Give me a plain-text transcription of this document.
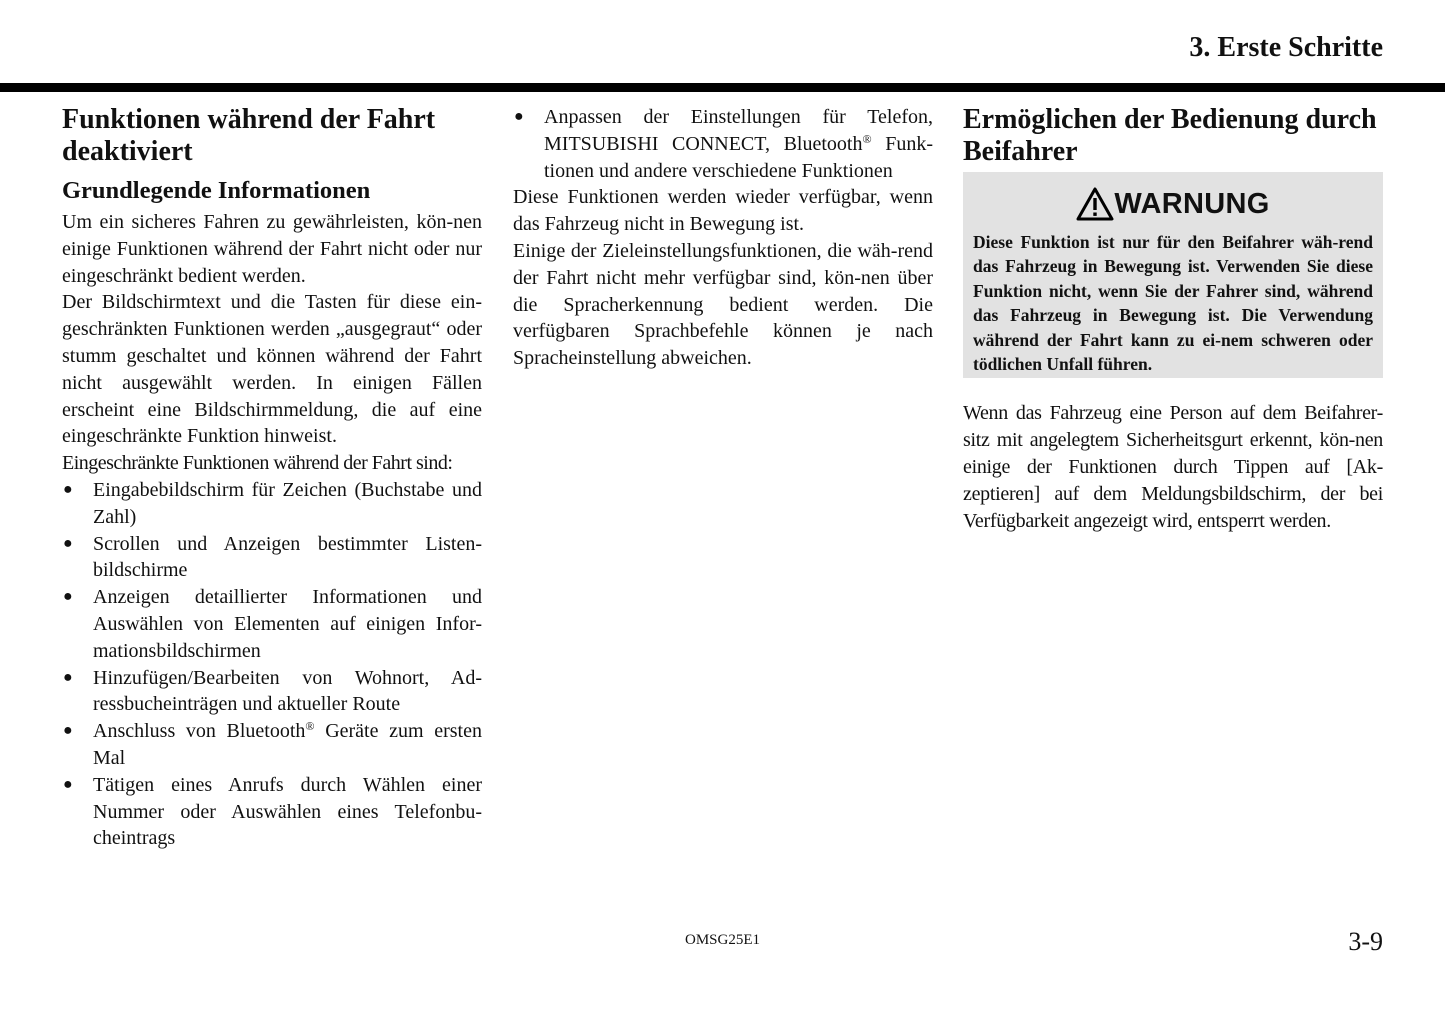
3. Erste Schritte
Funktionen während der Fahrt deaktiviert
Grundlegende Informationen

Um ein sicheres Fahren zu gewährleisten, kön-nen einige Funktionen während der Fahrt nicht oder nur eingeschränkt bedient werden.

Der Bildschirmtext und die Tasten für diese ein-geschränkten Funktionen werden „ausgegraut“ oder stumm geschaltet und können während der Fahrt nicht ausgewählt werden. In einigen Fällen erscheint eine Bildschirmmeldung, die auf eine eingeschränkte Funktion hinweist.

Eingeschränkte Funktionen während der Fahrt sind:

● Eingabebildschirm für Zeichen (Buchstabe und Zahl)
● Scrollen und Anzeigen bestimmter Listen-bildschirme
● Anzeigen detaillierter Informationen und Auswählen von Elementen auf einigen Infor-mationsbildschirmen
● Hinzufügen/Bearbeiten von Wohnort, Ad-ressbucheinträgen und aktueller Route
● Anschluss von Bluetooth® Geräte zum ersten Mal
● Tätigen eines Anrufs durch Wählen einer Nummer oder Auswählen eines Telefonbu-cheintrags
● Anpassen der Einstellungen für Telefon, MITSUBISHI CONNECT, Bluetooth® Funk-tionen und andere verschiedene Funktionen

Diese Funktionen werden wieder verfügbar, wenn das Fahrzeug nicht in Bewegung ist.

Einige der Zieleinstellungsfunktionen, die wäh-rend der Fahrt nicht mehr verfügbar sind, kön-nen über die Spracherkennung bedient werden. Die verfügbaren Sprachbefehle können je nach Spracheinstellung abweichen.

Ermöglichen der Bedienung durch Beifahrer
WARNUNG
Diese Funktion ist nur für den Beifahrer wäh-rend das Fahrzeug in Bewegung ist. Verwenden Sie diese Funktion nicht, wenn Sie der Fahrer sind, während das Fahrzeug in Bewegung ist. Die Verwendung während der Fahrt kann zu ei-nem schweren oder tödlichen Unfall führen.

Wenn das Fahrzeug eine Person auf dem Beifahrer-sitz mit angelegtem Sicherheitsgurt erkennt, kön-nen einige der Funktionen durch Tippen auf [Ak-zeptieren] auf dem Meldungsbildschirm, der bei Verfügbarkeit angezeigt wird, entsperrt werden.

OMSG25E1	3-9
